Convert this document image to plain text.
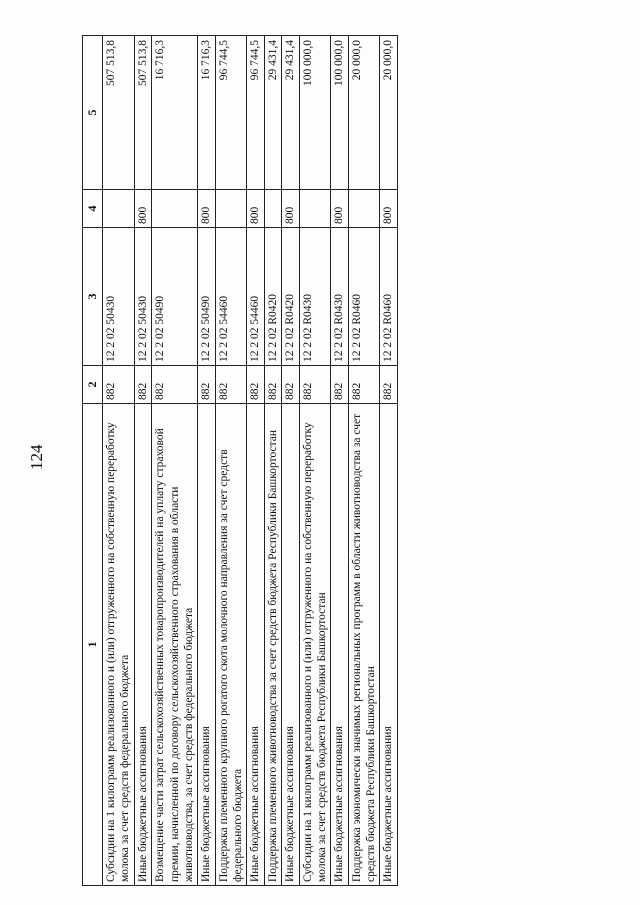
124
1	2	3	4	5
Субсидии на 1 килограмм реализованного и (или) отгруженного на собственную переработку молока за счет средств федерального бюджета	882	12 2 02 50430		507 513,8
Иные бюджетные ассигнования	882	12 2 02 50430	800	507 513,8
Возмещение части затрат сельскохозяйственных товаропроизводителей на уплату страховой премии, начисленной по договору сельскохозяйственного страхования в области животноводства, за счет средств федерального бюджета	882	12 2 02 50490		16 716,3
Иные бюджетные ассигнования	882	12 2 02 50490	800	16 716,3
Поддержка племенного крупного рогатого скота молочного направления за счет средств федерального бюджета	882	12 2 02 54460		96 744,5
Иные бюджетные ассигнования	882	12 2 02 54460	800	96 744,5
Поддержка племенного животноводства за счет средств бюджета Республики Башкортостан	882	12 2 02 R0420		29 431,4
Иные бюджетные ассигнования	882	12 2 02 R0420	800	29 431,4
Субсидии на 1 килограмм реализованного и (или) отгруженного на собственную переработку молока за счет средств бюджета Республики Башкортостан	882	12 2 02 R0430		100 000,0
Иные бюджетные ассигнования	882	12 2 02 R0430	800	100 000,0
Поддержка экономически значимых региональных программ в области животноводства за счет средств бюджета Республики Башкортостан	882	12 2 02 R0460		20 000,0
Иные бюджетные ассигнования	882	12 2 02 R0460	800	20 000,0
